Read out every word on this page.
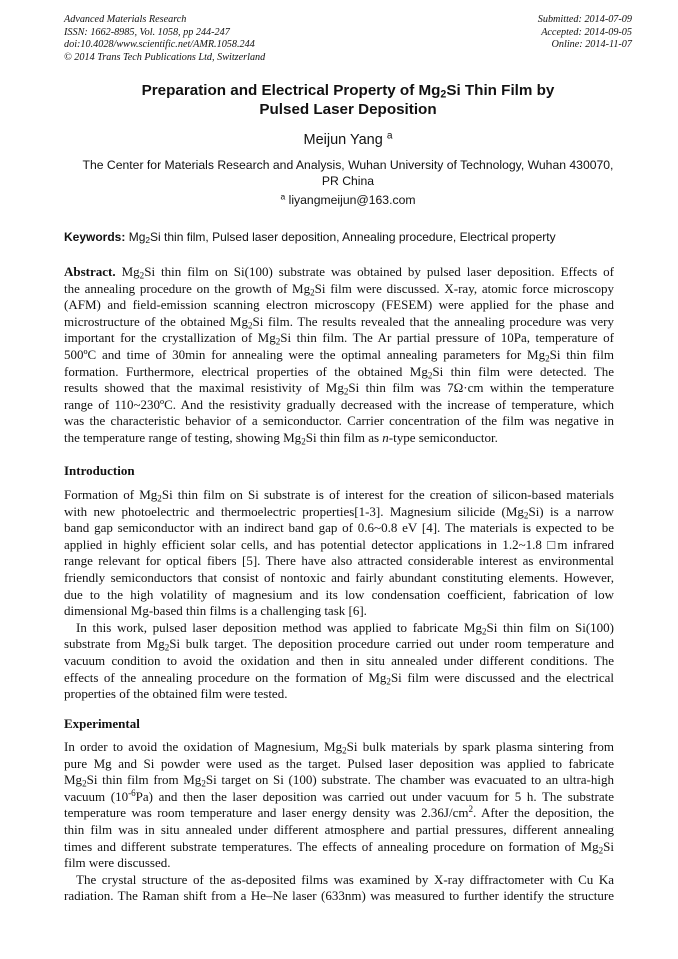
Advanced Materials Research
ISSN: 1662-8985, Vol. 1058, pp 244-247
doi:10.4028/www.scientific.net/AMR.1058.244
© 2014 Trans Tech Publications Ltd, Switzerland
Submitted: 2014-07-09
Accepted: 2014-09-05
Online: 2014-11-07
Preparation and Electrical Property of $Mg_2Si$ Thin Film by
Pulsed Laser Deposition
Meijun Yang $^a$
The Center for Materials Research and Analysis, Wuhan University of Technology, Wuhan 430070,
PR China
$^a$ liyangmeijun@163.com
Keywords: $Mg_2Si$ thin film, Pulsed laser deposition, Annealing procedure, Electrical property
Abstract. $Mg_2Si$ thin film on Si(100) substrate was obtained by pulsed laser deposition. Effects of
the annealing procedure on the growth of $Mg_2Si$ film were discussed. X-ray, atomic force microscopy
(AFM) and field-emission scanning electron microscopy (FESEM) were applied for the phase and
microstructure of the obtained $Mg_2Si$ film. The results revealed that the annealing procedure was very
important for the crystallization of $Mg_2Si$ thin film. The Ar partial pressure of 10Pa, temperature of
500ºC and time of 30min for annealing were the optimal annealing parameters for $Mg_2Si$ thin film
formation. Furthermore, electrical properties of the obtained $Mg_2Si$ thin film were detected. The
results showed that the maximal resistivity of $Mg_2Si$ thin film was 7Ω·cm within the temperature
range of 110~230ºC. And the resistivity gradually decreased with the increase of temperature, which
was the characteristic behavior of a semiconductor. Carrier concentration of the film was negative in
the temperature range of testing, showing $Mg_2Si$ thin film as n-type semiconductor.
Introduction
Formation of $Mg_2Si$ thin film on Si substrate is of interest for the creation of silicon-based materials
with new photoelectric and thermoelectric properties[1-3]. Magnesium silicide $(Mg_2Si)$ is a narrow
band gap semiconductor with an indirect band gap of 0.6~0.8 eV [4]. The materials is expected to be
applied in highly efficient solar cells, and has potential detector applications in 1.2~1.8 □m infrared
range relevant for optical fibers [5]. There have also attracted considerable interest as environmental
friendly semiconductors that consist of nontoxic and fairly abundant constituting elements. However,
due to the high volatility of magnesium and its low condensation coefficient, fabrication of low
dimensional Mg-based thin films is a challenging task [6].
In this work, pulsed laser deposition method was applied to fabricate $Mg_2Si$ thin film on Si(100)
substrate from $Mg_2Si$ bulk target. The deposition procedure carried out under room temperature and
vacuum condition to avoid the oxidation and then in situ annealed under different conditions. The
effects of the annealing procedure on the formation of $Mg_2Si$ film were discussed and the electrical
properties of the obtained film were tested.
Experimental
In order to avoid the oxidation of Magnesium, $Mg_2Si$ bulk materials by spark plasma sintering from
pure Mg and Si powder were used as the target. Pulsed laser deposition was applied to fabricate
$Mg_2Si$ thin film from $Mg_2Si$ target on Si (100) substrate. The chamber was evacuated to an ultra-high
vacuum $(10^{-6}Pa)$ and then the laser deposition was carried out under vacuum for 5 h. The substrate
temperature was room temperature and laser energy density was $2.36J/cm^2$. After the deposition, the
thin film was in situ annealed under different atmosphere and partial pressures, different annealing
times and different substrate temperatures. The effects of annealing procedure on formation of $Mg_2Si$
film were discussed.
The crystal structure of the as-deposited films was examined by X-ray diffractometer with Cu Ka
radiation. The Raman shift from a He–Ne laser (633nm) was measured to further identify the structure
